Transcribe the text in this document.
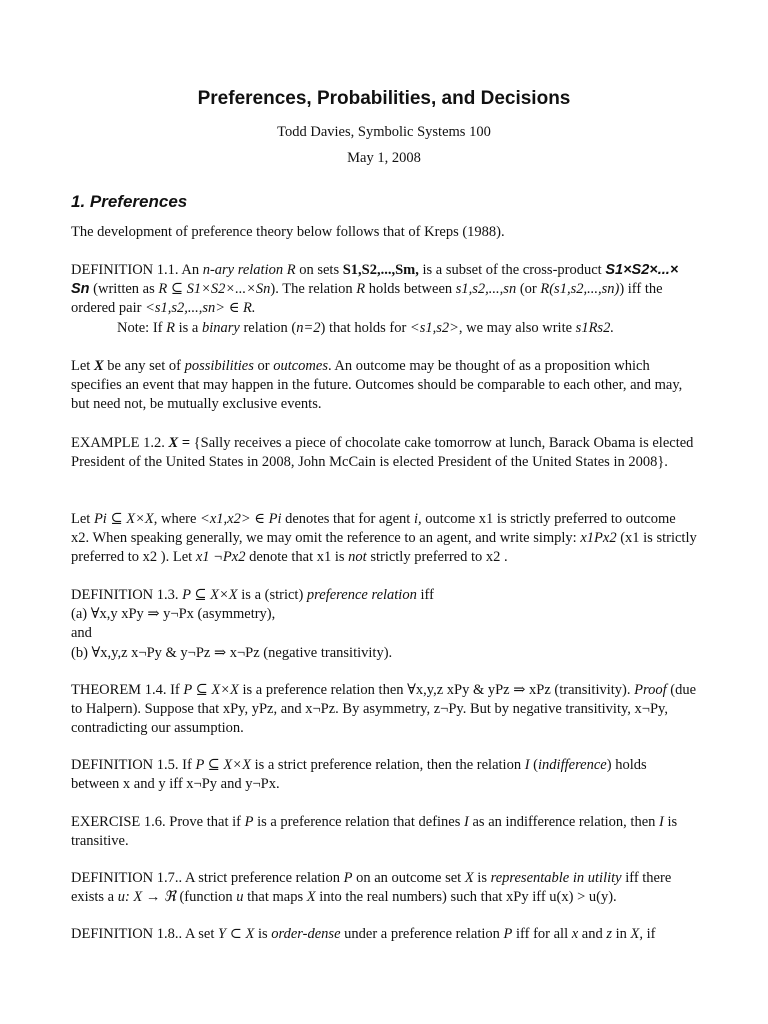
Preferences, Probabilities, and Decisions
Todd Davies, Symbolic Systems 100
May 1, 2008
1. Preferences

The development of preference theory below follows that of Kreps (1988).

DEFINITION 1.1. An n-ary relation R on sets S1,S2,...,Sm, is a subset of the cross-product S1×S2×...× Sn (written as R ⊆ S1×S2×...×Sn). The relation R holds between s1,s2,...,sn (or R(s1,s2,...,sn)) iff the ordered pair <s1,s2,...,sn> ∈ R.
Note: If R is a binary relation (n=2) that holds for <s1,s2>, we may also write s1Rs2.

Let X be any set of possibilities or outcomes. An outcome may be thought of as a proposition which specifies an event that may happen in the future. Outcomes should be comparable to each other, and may, but need not, be mutually exclusive events.

EXAMPLE 1.2. X = {Sally receives a piece of chocolate cake tomorrow at lunch, Barack Obama is elected President of the United States in 2008, John McCain is elected President of the United States in 2008}.

Let Pi ⊆ X×X, where <x1,x2> ∈ Pi denotes that for agent i, outcome x1 is strictly preferred to outcome x2. When speaking generally, we may omit the reference to an agent, and write simply: x1Px2 (x1 is strictly preferred to x2 ). Let x1 ¬Px2 denote that x1 is not strictly preferred to x2 .

DEFINITION 1.3. P ⊆ X×X is a (strict) preference relation iff
(a) ∀x,y xPy ⇒ y¬Px (asymmetry),
and
(b) ∀x,y,z x¬Py & y¬Pz ⇒ x¬Pz (negative transitivity).

THEOREM 1.4. If P ⊆ X×X is a preference relation then ∀x,y,z xPy & yPz ⇒ xPz (transitivity). Proof (due to Halpern). Suppose that xPy, yPz, and x¬Pz. By asymmetry, z¬Py. But by negative transitivity, x¬Py, contradicting our assumption.

DEFINITION 1.5. If P ⊆ X×X is a strict preference relation, then the relation I (indifference) holds between x and y iff x¬Py and y¬Px.

EXERCISE 1.6. Prove that if P is a preference relation that defines I as an indifference relation, then I is transitive.

DEFINITION 1.7.. A strict preference relation P on an outcome set X is representable in utility iff there exists a u: X → ℜ (function u that maps X into the real numbers) such that xPy iff u(x) > u(y).

DEFINITION 1.8.. A set Y ⊂ X is order-dense under a preference relation P iff for all x and z in X, if
